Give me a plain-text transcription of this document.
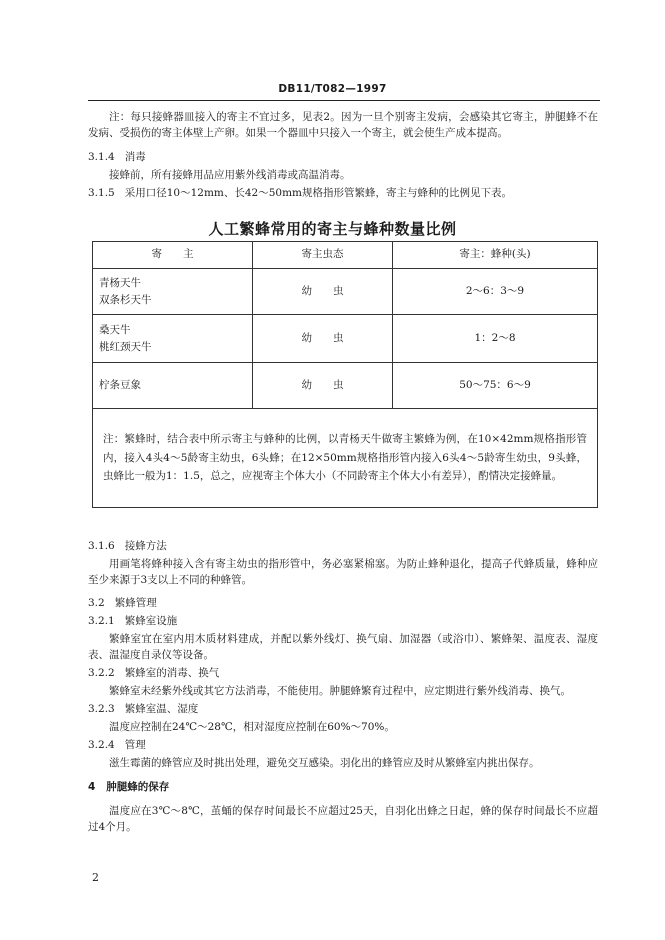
DB11/T082—1997
注：每只接蜂器皿接入的寄主不宜过多，见表2。因为一旦个别寄主发病，会感染其它寄主，肿腿蜂不在发病、受损伤的寄主体壁上产卵。如果一个器皿中只接入一个寄主，就会使生产成本提高。
3.1.4 消毒
接蜂前，所有接蜂用品应用紫外线消毒或高温消毒。
3.1.5 采用口径10～12mm、长42～50mm规格指形管繁蜂，寄主与蜂种的比例见下表。
人工繁蜂常用的寄主与蜂种数量比例
寄　　主	寄主虫态	寄主：蜂种(头)

青杨天牛
双条杉天牛	幼　　虫	2～6：3～9

桑天牛
桃红颈天牛	幼　　虫	1：2～8

柠条豆象	幼　　虫	50～75：6～9
注：繁蜂时，结合表中所示寄主与蜂种的比例，以青杨天牛做寄主繁蜂为例，在10×42mm规格指形管内，接入4头4～5龄寄主幼虫，6头蜂；在12×50mm规格指形管内接入6头4～5龄寄生幼虫，9头蜂，虫蜂比一般为1：1.5，总之，应视寄主个体大小（不同龄寄主个体大小有差异），酌情决定接蜂量。		
3.1.6 接蜂方法
用画笔将蜂种接入含有寄主幼虫的指形管中，务必塞紧棉塞。为防止蜂种退化，提高子代蜂质量，蜂种应至少来源于3支以上不同的种蜂管。
3.2 繁蜂管理
3.2.1 繁蜂室设施
繁蜂室宜在室内用木质材料建成，并配以紫外线灯、换气扇、加湿器（或浴巾）、繁蜂架、温度表、湿度表、温湿度自录仪等设备。
3.2.2 繁蜂室的消毒、换气
繁蜂室未经紫外线或其它方法消毒，不能使用。肿腿蜂繁育过程中，应定期进行紫外线消毒、换气。
3.2.3 繁蜂室温、湿度
温度应控制在24℃～28℃，相对湿度应控制在60%～70%。
3.2.4 管理
滋生霉菌的蜂管应及时挑出处理，避免交互感染。羽化出的蜂管应及时从繁蜂室内挑出保存。
4 肿腿蜂的保存
温度应在3℃～8℃，茧蛹的保存时间最长不应超过25天，自羽化出蜂之日起，蜂的保存时间最长不应超过4个月。
2
